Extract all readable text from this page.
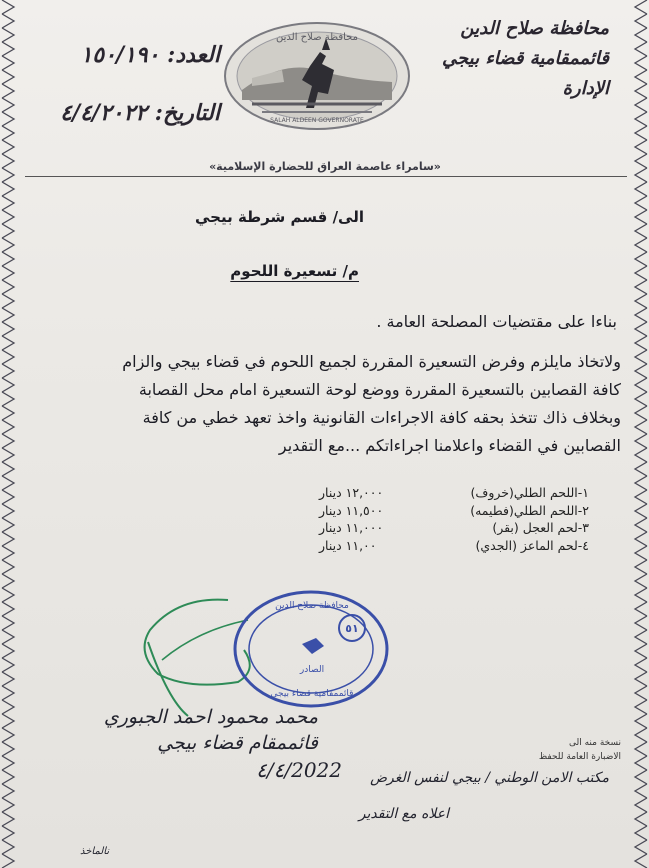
محافظة صلاح الدين
قائممقامية قضاء بيجي
الإدارة
العدد: ١٥٠/١٩٠
التاريخ: ٤/٤/٢٠٢٢
محافظة صلاح الدين
SALAH ALDEEN GOVERNORATE
«سامراء عاصمة العراق للحضارة الإسلامية»
الى/ قسم شرطة بيجي
م/ تسعيرة اللحوم
بناءا على مقتضيات المصلحة العامة .
ولاتخاذ مايلزم وفرض التسعيرة المقررة لجميع اللحوم في قضاء بيجي والزام
كافة القصابين بالتسعيرة المقررة ووضع لوحة التسعيرة امام محل القصابة
وبخلاف ذاك تتخذ بحقه كافة الاجراءات القانونية واخذ تعهد خطي من كافة
القصابين في القضاء واعلامنا اجراءاتكم ...مع التقدير
١-اللحم الطلي(خروف)
١٢,٠٠٠ دينار
٢-اللحم الطلي(فطيمه)
١١,٥٠٠ دينار
٣-لحم العجل (بقر)
١١,٠٠٠ دينار
٤-لحم الماعز (الجدي)
١١,٠٠ دينار
٥١
محافظة صلاح الدين
الصادر
قائممقامية قضاء بيجي
محمد محمود احمد الجبوري
قائممقام قضاء بيجي
2022/٤/٤
نسخة منه الى
الاضبارة العامة للحفظ
مكتب الامن الوطني / بيجي لنفس الغرض
اعلاه مع التقدير
نالماخذ
